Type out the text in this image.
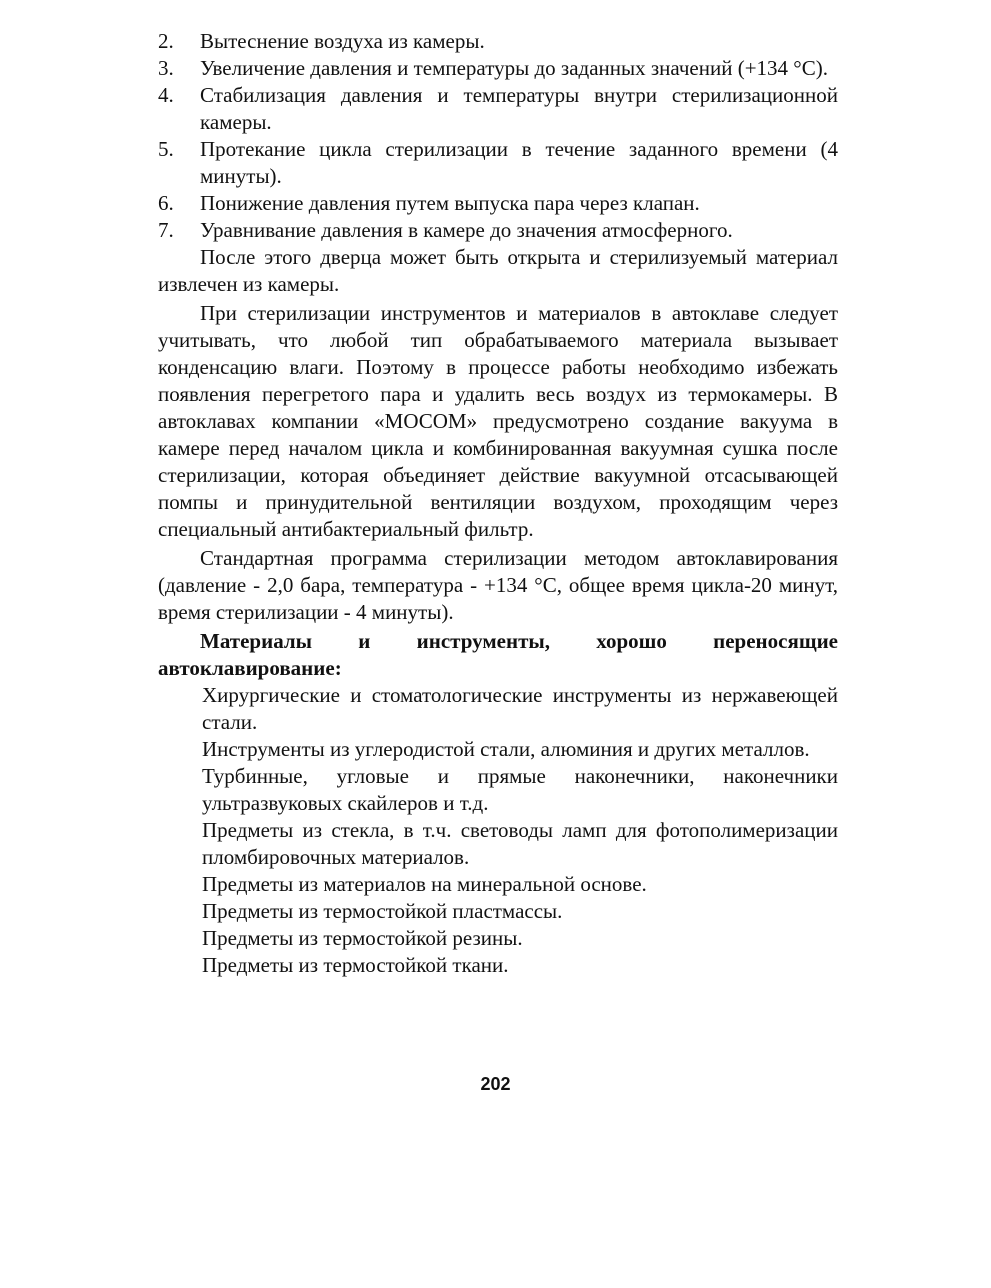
2.	Вытеснение воздуха из камеры.
3.	Увеличение давления и температуры до заданных значений (+134 °С).
4.	Стабилизация давления и температуры внутри стерилизационной камеры.
5.	Протекание цикла стерилизации в течение заданного времени (4 минуты).
6.	Понижение давления путем выпуска пара через клапан.
7.	Уравнивание давления в камере до значения атмосферного.

После этого дверца может быть открыта и стерилизуемый материал извлечен из камеры.

При стерилизации инструментов и материалов в автоклаве следует учитывать, что любой тип обрабатываемого материала вызывает конденсацию влаги. Поэтому в процессе работы необходимо избежать появления перегретого пара и удалить весь воздух из термокамеры. В автоклавах компании «МОСОМ» предусмотрено создание вакуума в камере перед началом цикла и комбинированная вакуумная сушка после стерилизации, которая объединяет действие вакуумной отсасывающей помпы и принудительной вентиляции воздухом, проходящим через специальный антибактериальный фильтр.

Стандартная программа стерилизации методом автоклавирования (давление - 2,0 бара, температура - +134 °С, общее время цикла-20 минут, время стерилизации - 4 минуты).

Материалы и инструменты, хорошо переносящие автоклавирование:

Хирургические и стоматологические инструменты из нержавеющей стали.
Инструменты из углеродистой стали, алюминия и других металлов.
Турбинные, угловые и прямые наконечники, наконечники ультразвуковых скайлеров и т.д.
Предметы из стекла, в т.ч. световоды ламп для фотополимеризации пломбировочных материалов.
Предметы из материалов на минеральной основе.
Предметы из термостойкой пластмассы.
Предметы из термостойкой резины.
Предметы из термостойкой ткани.
202
